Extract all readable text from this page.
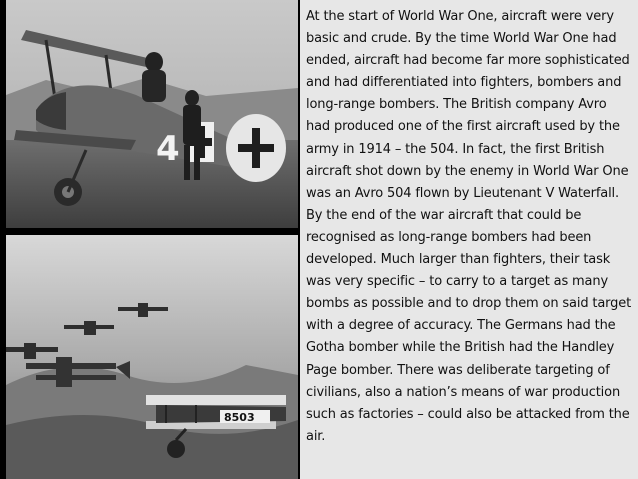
4
8503

At the start of World War One, aircraft were very basic and crude. By the time World War One had ended, aircraft had become far more sophisticated and had differentiated into fighters, bombers and long-range bombers. The British company Avro had produced one of the first aircraft used by the army in 1914 – the 504. In fact, the first British aircraft shot down by the enemy in World War One was an Avro 504 flown by Lieutenant V Waterfall. By the end of the war aircraft that could be recognised as long-range bombers had been developed. Much larger than fighters, their task was very specific – to carry to a target as many bombs as possible and to drop them on said target with a degree of accuracy. The Germans had the Gotha bomber while the British had the Handley Page bomber. There was deliberate targeting of civilians, also a nation’s means of war production such as factories – could also be attacked from the air.
